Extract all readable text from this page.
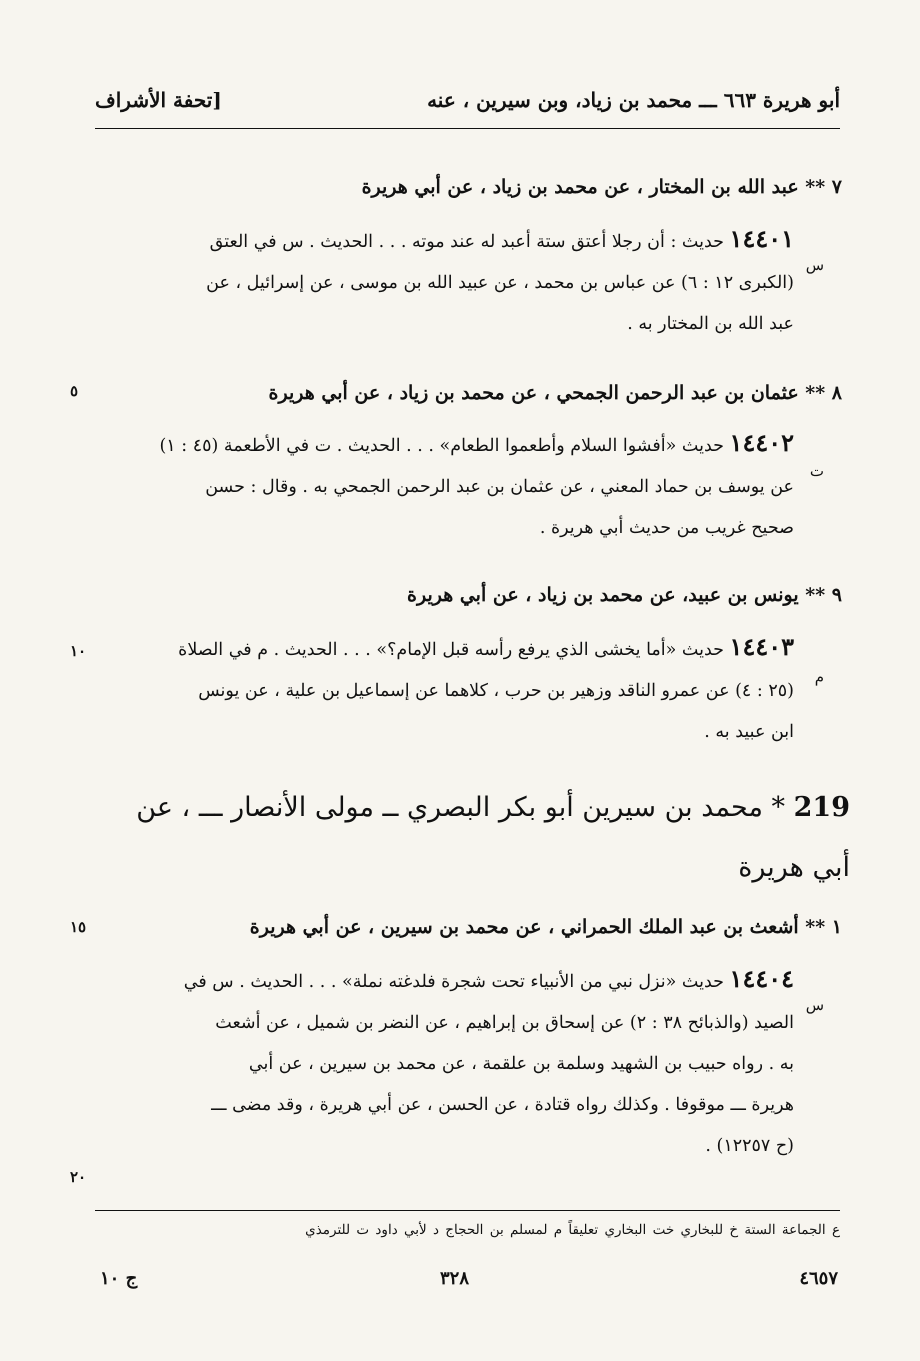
أبو هريرة ٦٦٣ ـــ محمد بن زياد، وبن سيرين ، عنه
[تحفة الأشراف
٧ ** عبد الله بن المختار ، عن محمد بن زياد ، عن أبي هريرة
١٤٤٠١ حديث : أن رجلا أعتق ستة أعبد له عند موته . . . الحديث . س في العتق
(الكبرى ١٢ : ٦) عن عباس بن محمد ، عن عبيد الله بن موسى ، عن إسرائيل ، عن
عبد الله بن المختار به .
س
٨ ** عثمان بن عبد الرحمن الجمحي ، عن محمد بن زياد ، عن أبي هريرة
٥
١٤٤٠٢ حديث «أفشوا السلام وأطعموا الطعام» . . . الحديث . ت في الأطعمة (٤٥ : ١)
عن يوسف بن حماد المعني ، عن عثمان بن عبد الرحمن الجمحي به . وقال : حسن
صحيح غريب من حديث أبي هريرة .
ت
٩ ** يونس بن عبيد، عن محمد بن زياد ، عن أبي هريرة
١٤٤٠٣ حديث «أما يخشى الذي يرفع رأسه قبل الإمام؟» . . . الحديث . م في الصلاة
(٢٥ : ٤) عن عمرو الناقد وزهير بن حرب ، كلاهما عن إسماعيل بن علية ، عن يونس
ابن عبيد به .
م
١٠
219 * محمد بن سيرين أبو بكر البصري ــ مولى الأنصار ـــ ، عن
أبي هريرة
١ ** أشعث بن عبد الملك الحمراني ، عن محمد بن سيرين ، عن أبي هريرة
١٥
١٤٤٠٤ حديث «نزل نبي من الأنبياء تحت شجرة فلدغته نملة» . . . الحديث . س في
الصيد (والذبائح ٣٨ : ٢) عن إسحاق بن إبراهيم ، عن النضر بن شميل ، عن أشعث
به . رواه حبيب بن الشهيد وسلمة بن علقمة ، عن محمد بن سيرين ، عن أبي
هريرة ـــ موقوفا . وكذلك رواه قتادة ، عن الحسن ، عن أبي هريرة ، وقد مضى ـــ
(ح ١٢٢٥٧) .
س
٢٠
ع الجماعة الستة خ للبخاري خت البخاري تعليقاً م لمسلم بن الحجاج د لأبي داود ت للترمذي
٤٦٥٧
٣٢٨
ج ١٠
